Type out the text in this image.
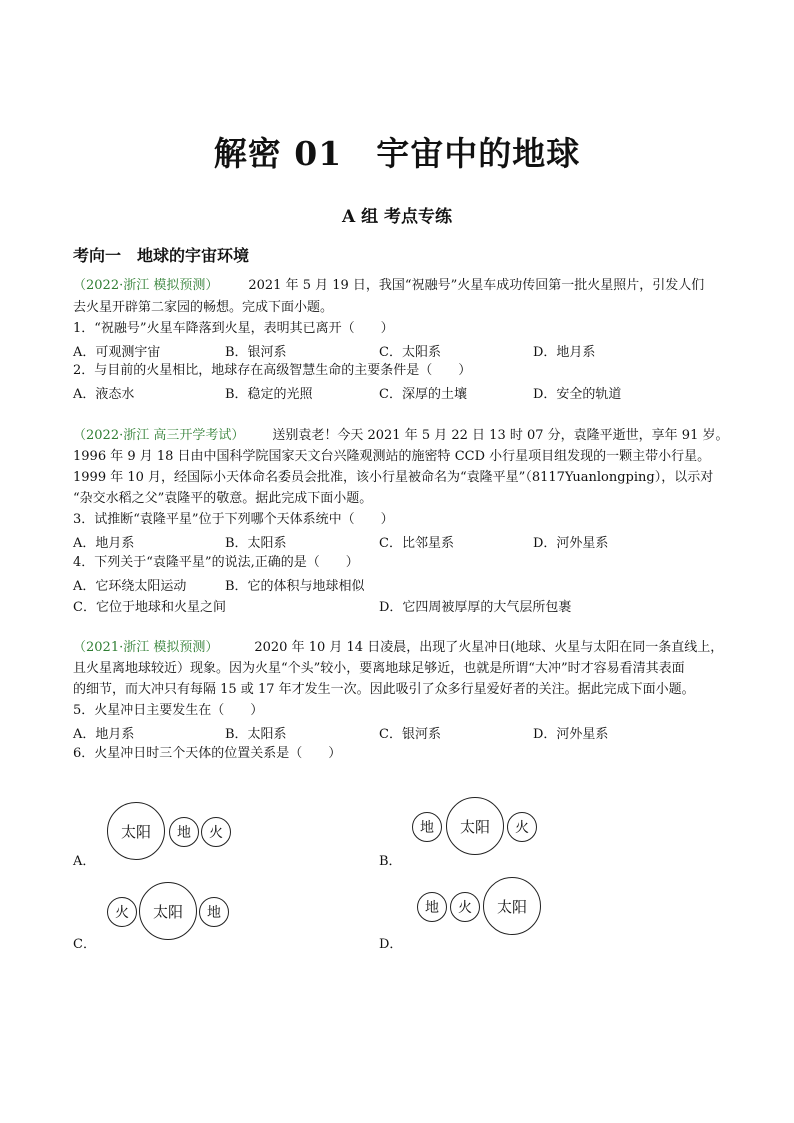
解密 01　宇宙中的地球
A 组 考点专练
考向一　地球的宇宙环境
（2022·浙江 模拟预测） 2021 年 5 月 19 日，我国“祝融号”火星车成功传回第一批火星照片，引发人们
去火星开辟第二家园的畅想。完成下面小题。
1．“祝融号”火星车降落到火星，表明其已离开（　　）
A．可观测宇宙	B．银河系	C．太阳系	D．地月系
2．与目前的火星相比，地球存在高级智慧生命的主要条件是（　　）
A．液态水	B．稳定的光照	C．深厚的土壤	D．安全的轨道
（2022·浙江 高三开学考试） 送别袁老！今天 2021 年 5 月 22 日 13 时 07 分，袁隆平逝世，享年 91 岁。
1996 年 9 月 18 日由中国科学院国家天文台兴隆观测站的施密特 CCD 小行星项目组发现的一颗主带小行星。
1999 年 10 月，经国际小天体命名委员会批准，该小行星被命名为“袁隆平星”（8117Yuanlongping），以示对
“杂交水稻之父”袁隆平的敬意。据此完成下面小题。
3．试推断“袁隆平星”位于下列哪个天体系统中（　　）
A．地月系	B．太阳系	C．比邻星系	D．河外星系
4．下列关于“袁隆平星”的说法,正确的是（　　）
A．它环绕太阳运动	B．它的体积与地球相似
C．它位于地球和火星之间	D．它四周被厚厚的大气层所包裹
（2021·浙江 模拟预测）	2020 年 10 月 14 日凌晨，出现了火星冲日(地球、火星与太阳在同一条直线上，
且火星离地球较近）现象。因为火星“个头”较小，要离地球足够近，也就是所谓“大冲”时才容易看清其表面
的细节，而大冲只有每隔 15 或 17 年才发生一次。因此吸引了众多行星爱好者的关注。据此完成下面小题。
5．火星冲日主要发生在（　　）
A．地月系	B．太阳系	C．银河系	D．河外星系
6．火星冲日时三个天体的位置关系是（　　）
A．
太阳	地	火
B．
地	太阳	火
C．
火	太阳	地
D．
地	火	太阳
